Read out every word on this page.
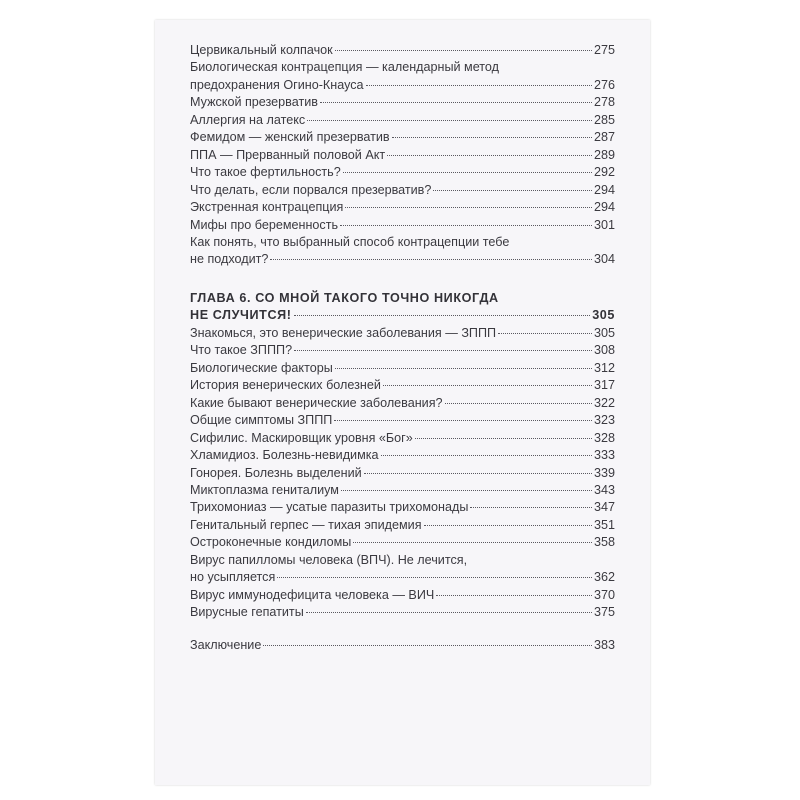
Цервикальный колпачок	275
Биологическая контрацепция — календарный метод
предохранения Огино-Кнауса	276
Мужской презерватив	278
Аллергия на латекс	285
Фемидом — женский презерватив	287
ППА — Прерванный половой Акт	289
Что такое фертильность?	292
Что делать, если порвался презерватив?	294
Экстренная контрацепция	294
Мифы про беременность	301
Как понять, что выбранный способ контрацепции тебе
не подходит?	304
ГЛАВА 6. СО МНОЙ ТАКОГО ТОЧНО НИКОГДА
НЕ СЛУЧИТСЯ!	305
Знакомься, это венерические заболевания — ЗППП	305
Что такое ЗППП?	308
Биологические факторы	312
История венерических болезней	317
Какие бывают венерические заболевания?	322
Общие симптомы ЗППП	323
Сифилис. Маскировщик уровня «Бог»	328
Хламидиоз. Болезнь-невидимка	333
Гонорея. Болезнь выделений	339
Миктоплазма гениталиум	343
Трихомониаз — усатые паразиты трихомонады	347
Генитальный герпес — тихая эпидемия	351
Остроконечные кондиломы	358
Вирус папилломы человека (ВПЧ). Не лечится,
но усыпляется	362
Вирус иммунодефицита человека — ВИЧ	370
Вирусные гепатиты	375
Заключение	383
